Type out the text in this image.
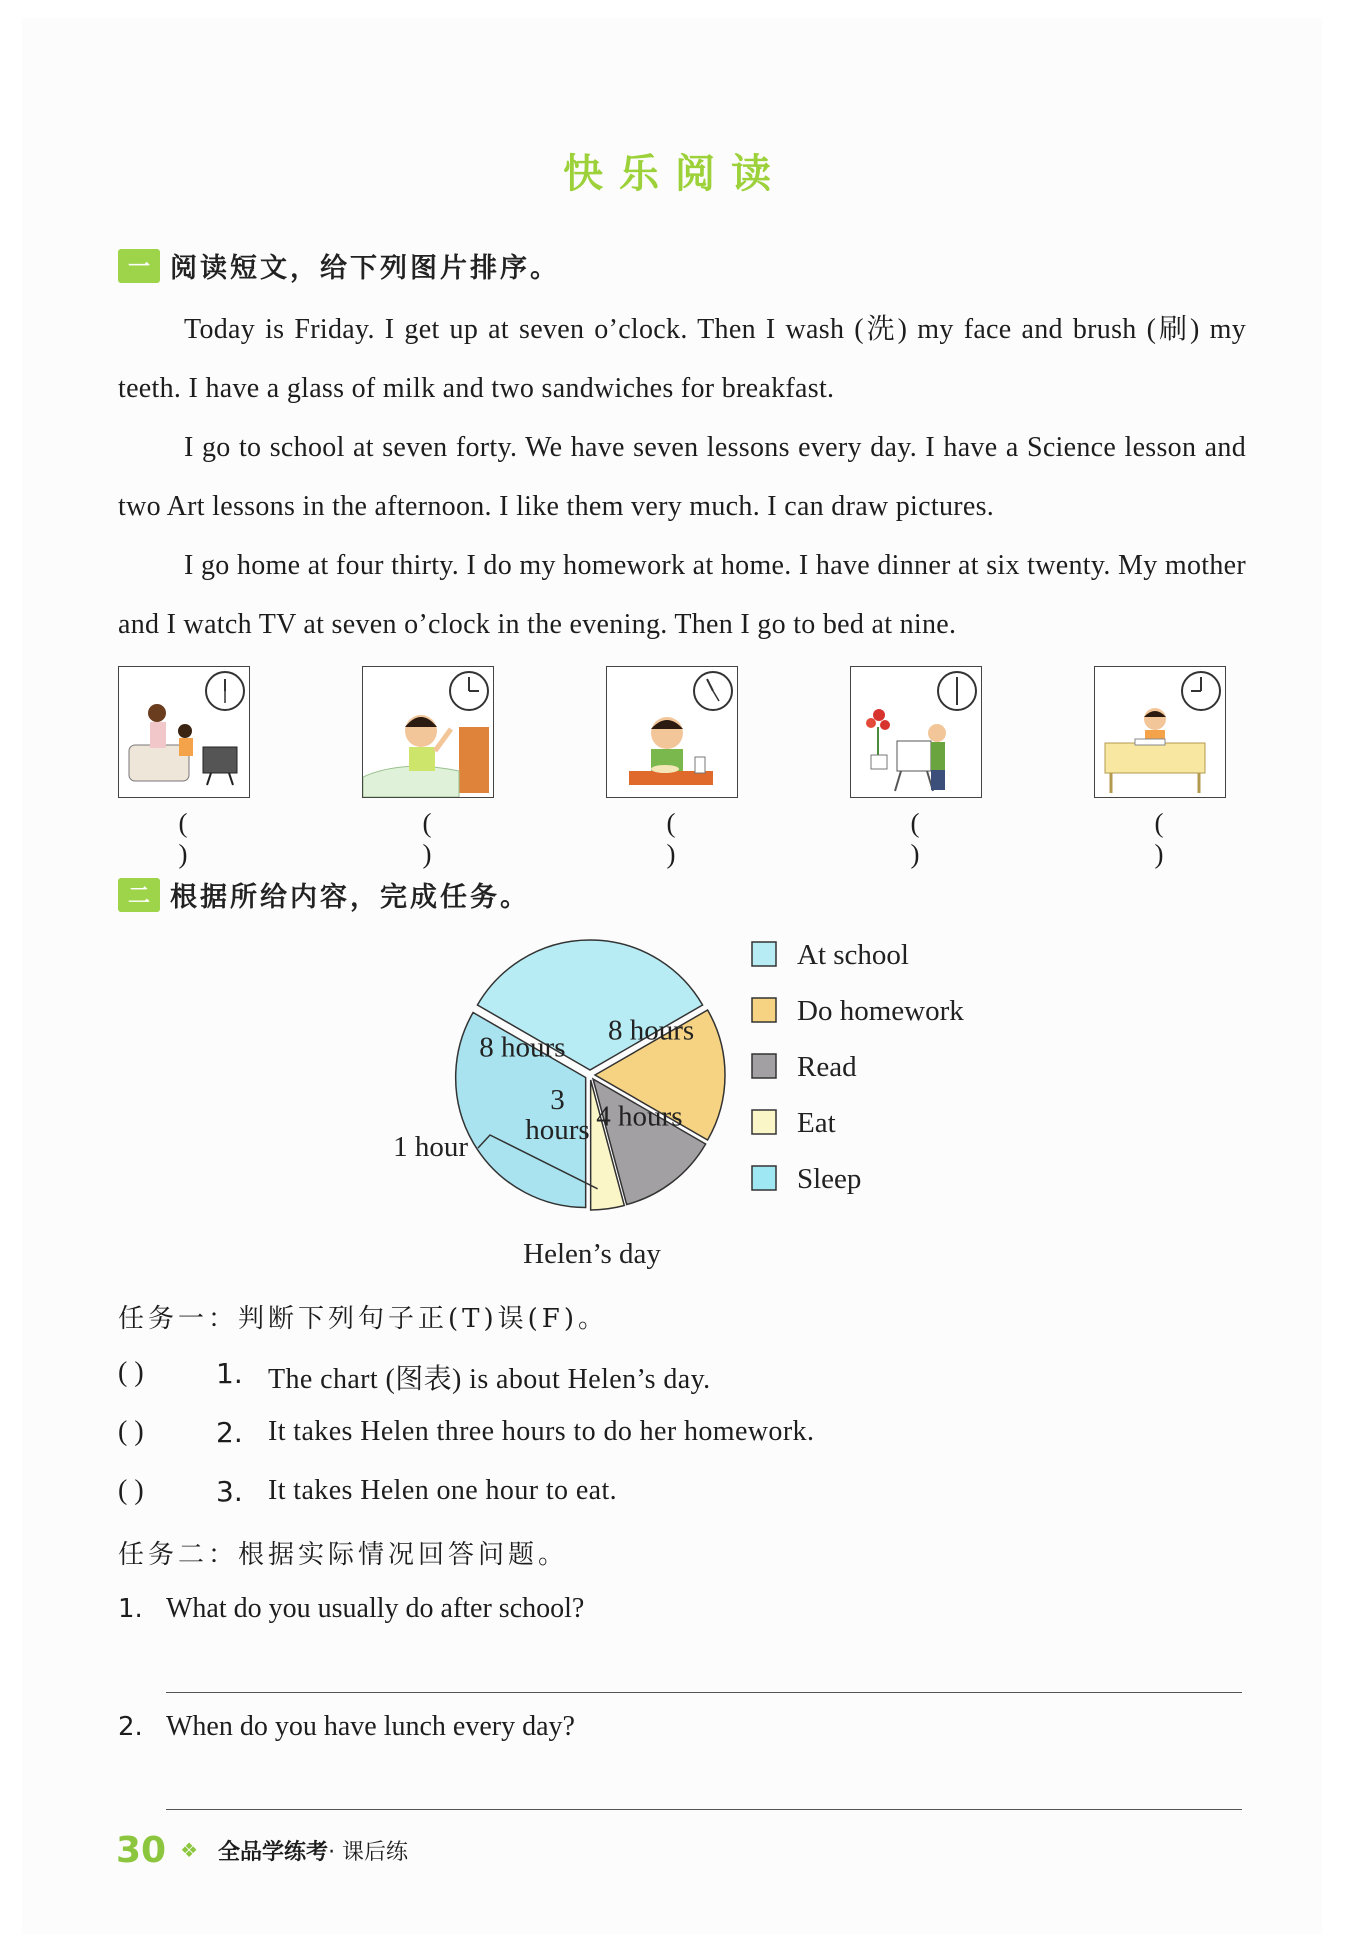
快乐阅读
一 阅读短文，给下列图片排序。

Today is Friday. I get up at seven o’clock. Then I wash (洗) my face and brush (刷) my teeth. I have a glass of milk and two sandwiches for breakfast.

I go to school at seven forty. We have seven lessons every day. I have a Science lesson and two Art lessons in the afternoon. I like them very much. I can draw pictures.

I go home at four thirty. I do my homework at home. I have dinner at six twenty. My mother and I watch TV at seven o’clock in the evening. Then I go to bed at nine.

( )
( )
( )
( )
( )
二 根据所给内容，完成任务。
8 hours
8 hours
4 hours
3
hours
1 hour
At school
Do homework
Read
Eat
Sleep
Helen’s day
任务一：判断下列句子正(T)误(F)。
( )	1. The chart (图表) is about Helen’s day.
( )	2. It takes Helen three hours to do her homework.
( )	3. It takes Helen one hour to eat.
任务二：根据实际情况回答问题。
1. What do you usually do after school?
2. When do you have lunch every day?
30 ❖ 全品学练考 · 课后练
